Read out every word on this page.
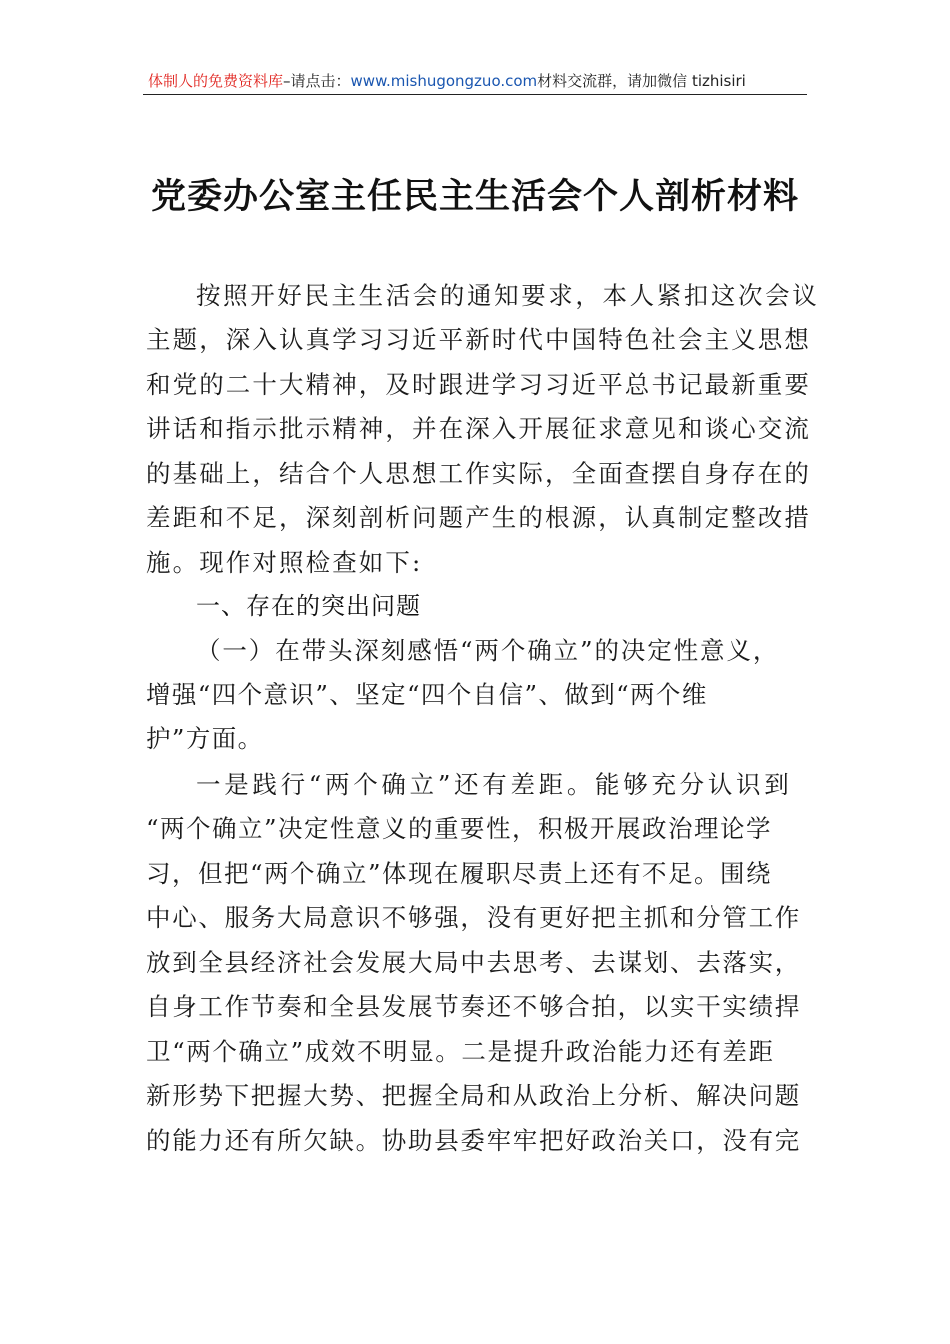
体制人的免费资料库–请点击：www.mishugongzuo.com材料交流群，请加微信 tizhisiri
党委办公室主任民主生活会个人剖析材料
按照开好民主生活会的通知要求，本人紧扣这次会议
主题，深入认真学习习近平新时代中国特色社会主义思想
和党的二十大精神，及时跟进学习习近平总书记最新重要
讲话和指示批示精神，并在深入开展征求意见和谈心交流
的基础上，结合个人思想工作实际，全面查摆自身存在的
差距和不足，深刻剖析问题产生的根源，认真制定整改措
施。现作对照检查如下:
一、存在的突出问题
（一）在带头深刻感悟“两个确立”的决定性意义，
增强“四个意识”、坚定“四个自信”、做到“两个维
护”方面。
一是践行“两个确立”还有差距。能够充分认识到
“两个确立”决定性意义的重要性，积极开展政治理论学
习，但把“两个确立”体现在履职尽责上还有不足。围绕
中心、服务大局意识不够强，没有更好把主抓和分管工作
放到全县经济社会发展大局中去思考、去谋划、去落实，
自身工作节奏和全县发展节奏还不够合拍，以实干实绩捍
卫“两个确立”成效不明显。二是提升政治能力还有差距
新形势下把握大势、把握全局和从政治上分析、解决问题
的能力还有所欠缺。协助县委牢牢把好政治关口，没有完
